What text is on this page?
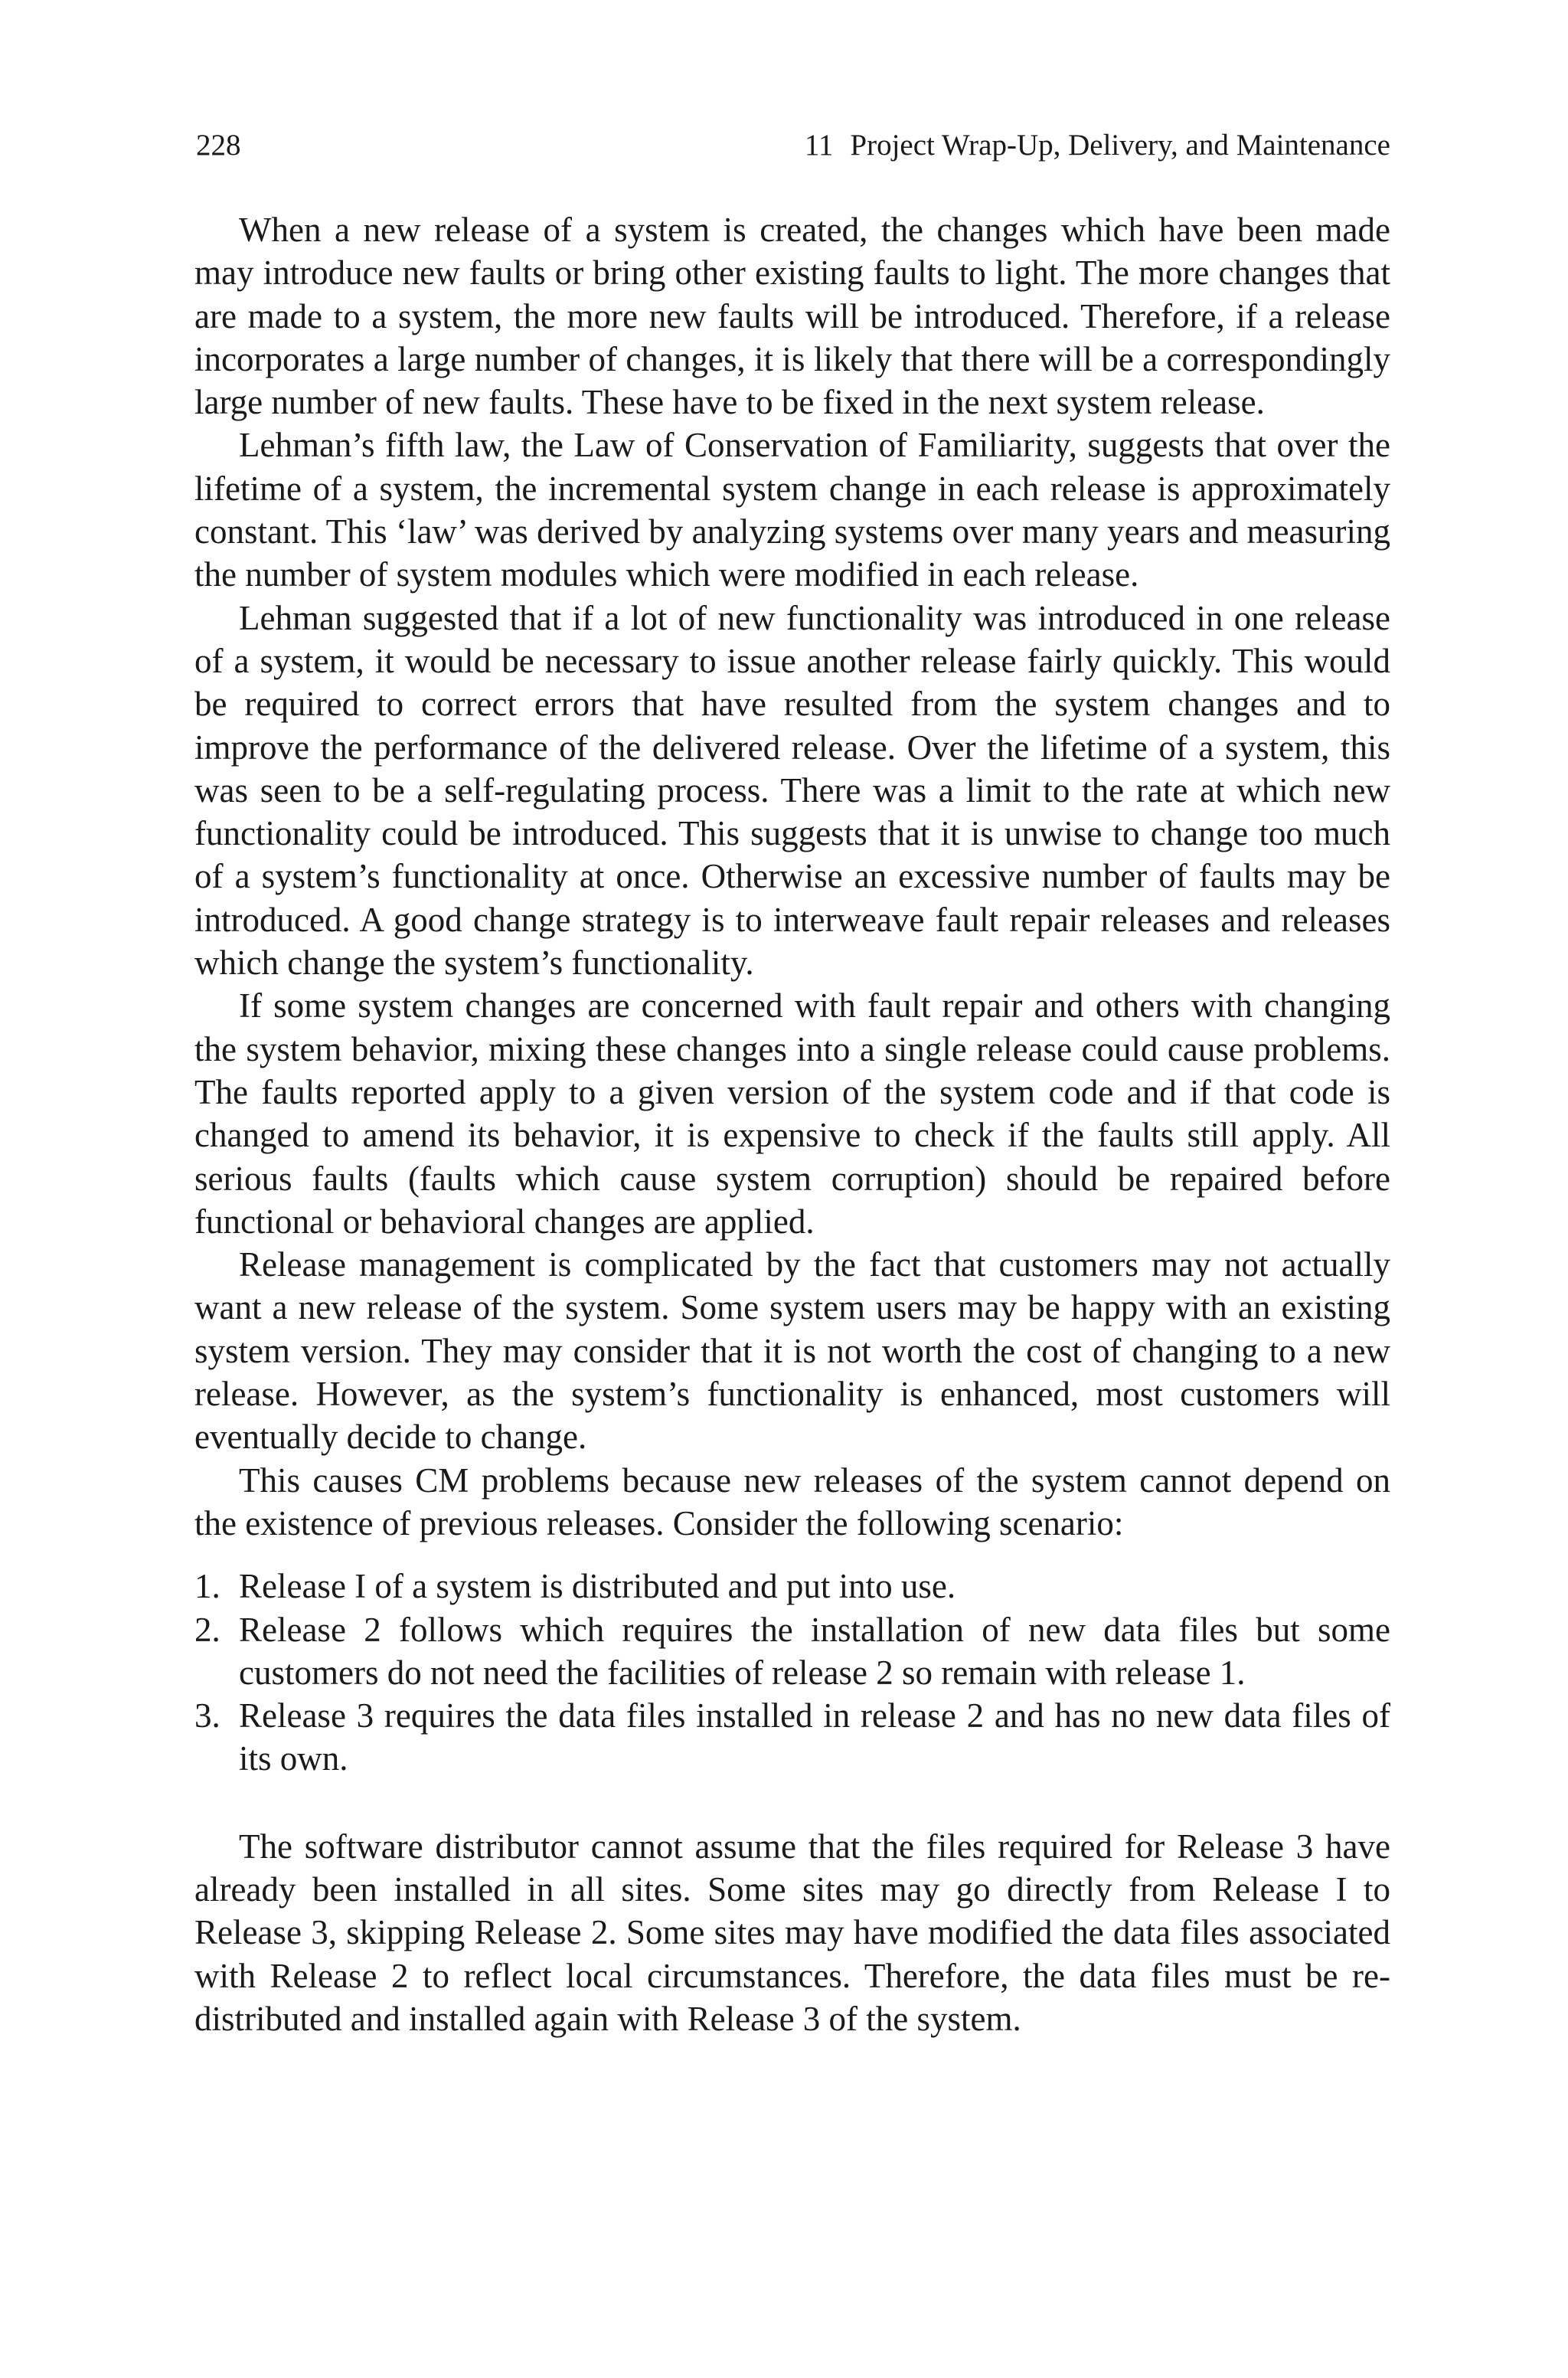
228	11 Project Wrap-Up, Delivery, and Maintenance

When a new release of a system is created, the changes which have been made may introduce new faults or bring other existing faults to light. The more changes that are made to a system, the more new faults will be introduced. Therefore, if a release incorporates a large number of changes, it is likely that there will be a correspondingly large number of new faults. These have to be fixed in the next system release.

Lehman’s fifth law, the Law of Conservation of Familiarity, suggests that over the lifetime of a system, the incremental system change in each release is approximately constant. This ‘law’ was derived by analyzing systems over many years and measuring the number of system modules which were modified in each release.

Lehman suggested that if a lot of new functionality was introduced in one release of a system, it would be necessary to issue another release fairly quickly. This would be required to correct errors that have resulted from the system changes and to improve the performance of the delivered release. Over the lifetime of a system, this was seen to be a self-regulating process. There was a limit to the rate at which new functionality could be introduced. This suggests that it is unwise to change too much of a system’s functionality at once. Otherwise an excessive number of faults may be introduced. A good change strategy is to interweave fault repair releases and releases which change the system’s functionality.

If some system changes are concerned with fault repair and others with changing the system behavior, mixing these changes into a single release could cause problems. The faults reported apply to a given version of the system code and if that code is changed to amend its behavior, it is expensive to check if the faults still apply. All serious faults (faults which cause system corruption) should be repaired before functional or behavioral changes are applied.

Release management is complicated by the fact that customers may not actually want a new release of the system. Some system users may be happy with an existing system version. They may consider that it is not worth the cost of changing to a new release. However, as the system’s functionality is enhanced, most customers will eventually decide to change.

This causes CM problems because new releases of the system cannot depend on the existence of previous releases. Consider the following scenario:

1. Release I of a system is distributed and put into use.
2. Release 2 follows which requires the installation of new data files but some customers do not need the facilities of release 2 so remain with release 1.
3. Release 3 requires the data files installed in release 2 and has no new data files of its own.

The software distributor cannot assume that the files required for Release 3 have already been installed in all sites. Some sites may go directly from Release I to Release 3, skipping Release 2. Some sites may have modified the data files associated with Release 2 to reflect local circumstances. Therefore, the data files must be re-distributed and installed again with Release 3 of the system.
